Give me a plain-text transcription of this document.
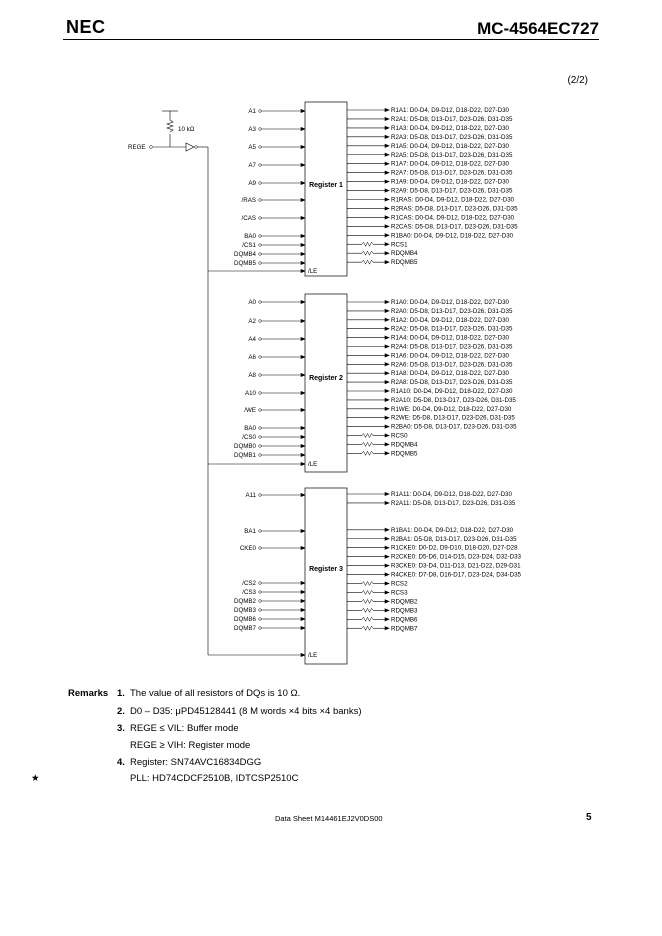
NEC	MC-4564EC727
(2/2)
10 kΩ
REGE
Register 1
A1
A3
A5
A7
A9
/RAS
/CAS
BA0
/CS1
DQMB4
DQMB5
/LE
R1A1: D0-D4, D9-D12, D18-D22, D27-D30
R2A1: D5-D8, D13-D17, D23-D26, D31-D35
R1A3: D0-D4, D9-D12, D18-D22, D27-D30
R2A3: D5-D8, D13-D17, D23-D26, D31-D35
R1A5: D0-D4, D9-D12, D18-D22, D27-D30
R2A5: D5-D8, D13-D17, D23-D26, D31-D35
R1A7: D0-D4, D9-D12, D18-D22, D27-D30
R2A7: D5-D8, D13-D17, D23-D26, D31-D35
R1A9: D0-D4, D9-D12, D18-D22, D27-D30
R2A9: D5-D8, D13-D17, D23-D26, D31-D35
R1RAS: D0-D4, D9-D12, D18-D22, D27-D30
R2RAS: D5-D8, D13-D17, D23-D26, D31-D35
R1CAS: D0-D4, D9-D12, D18-D22, D27-D30
R2CAS: D5-D8, D13-D17, D23-D26, D31-D35
R1BA0: D0-D4, D9-D12, D18-D22, D27-D30
RCS1
RDQMB4
RDQMB5
Register 2
A0
A2
A4
A6
A8
A10
/WE
BA0
/CS0
DQMB0
DQMB1
/LE
R1A0: D0-D4, D9-D12, D18-D22, D27-D30
R2A0: D5-D8, D13-D17, D23-D26, D31-D35
R1A2: D0-D4, D9-D12, D18-D22, D27-D30
R2A2: D5-D8, D13-D17, D23-D26, D31-D35
R1A4: D0-D4, D9-D12, D18-D22, D27-D30
R2A4: D5-D8, D13-D17, D23-D26, D31-D35
R1A6: D0-D4, D9-D12, D18-D22, D27-D30
R2A6: D5-D8, D13-D17, D23-D26, D31-D35
R1A8: D0-D4, D9-D12, D18-D22, D27-D30
R2A8: D5-D8, D13-D17, D23-D26, D31-D35
R1A10: D0-D4, D9-D12, D18-D22, D27-D30
R2A10: D5-D8, D13-D17, D23-D26, D31-D35
R1WE: D0-D4, D9-D12, D18-D22, D27-D30
R2WE: D5-D8, D13-D17, D23-D26, D31-D35
R2BA0: D5-D8, D13-D17, D23-D26, D31-D35
RCS0
RDQMB4
RDQMB5
Register 3
A11
BA1
CKE0
/CS2
/CS3
DQMB2
DQMB3
DQMB6
DQMB7
/LE
R1A11: D0-D4, D9-D12, D18-D22, D27-D30
R2A11: D5-D8, D13-D17, D23-D26, D31-D35
R1BA1: D0-D4, D9-D12, D18-D22, D27-D30
R2BA1: D5-D8, D13-D17, D23-D26, D31-D35
R1CKE0: D0-D2, D9-D10, D18-D20, D27-D28
R2CKE0: D5-D6, D14-D15, D23-D24, D32-D33
R3CKE0: D3-D4, D11-D13, D21-D22, D29-D31
R4CKE0: D7-D8, D16-D17, D23-D24, D34-D35
RCS2
RCS3
RDQMB2
RDQMB3
RDQMB6
RDQMB7
Remarks 1. The value of all resistors of DQs is 10 Ω.
2. D0 – D35: μPD45128441 (8 M words ×4 bits ×4 banks)
3. REGE ≤ VIL: Buffer mode
REGE ≥ VIH: Register mode
4. Register: SN74AVC16834DGG
★	PLL: HD74CDCF2510B, IDTCSP2510C
Data Sheet M14461EJ2V0DS00	5
